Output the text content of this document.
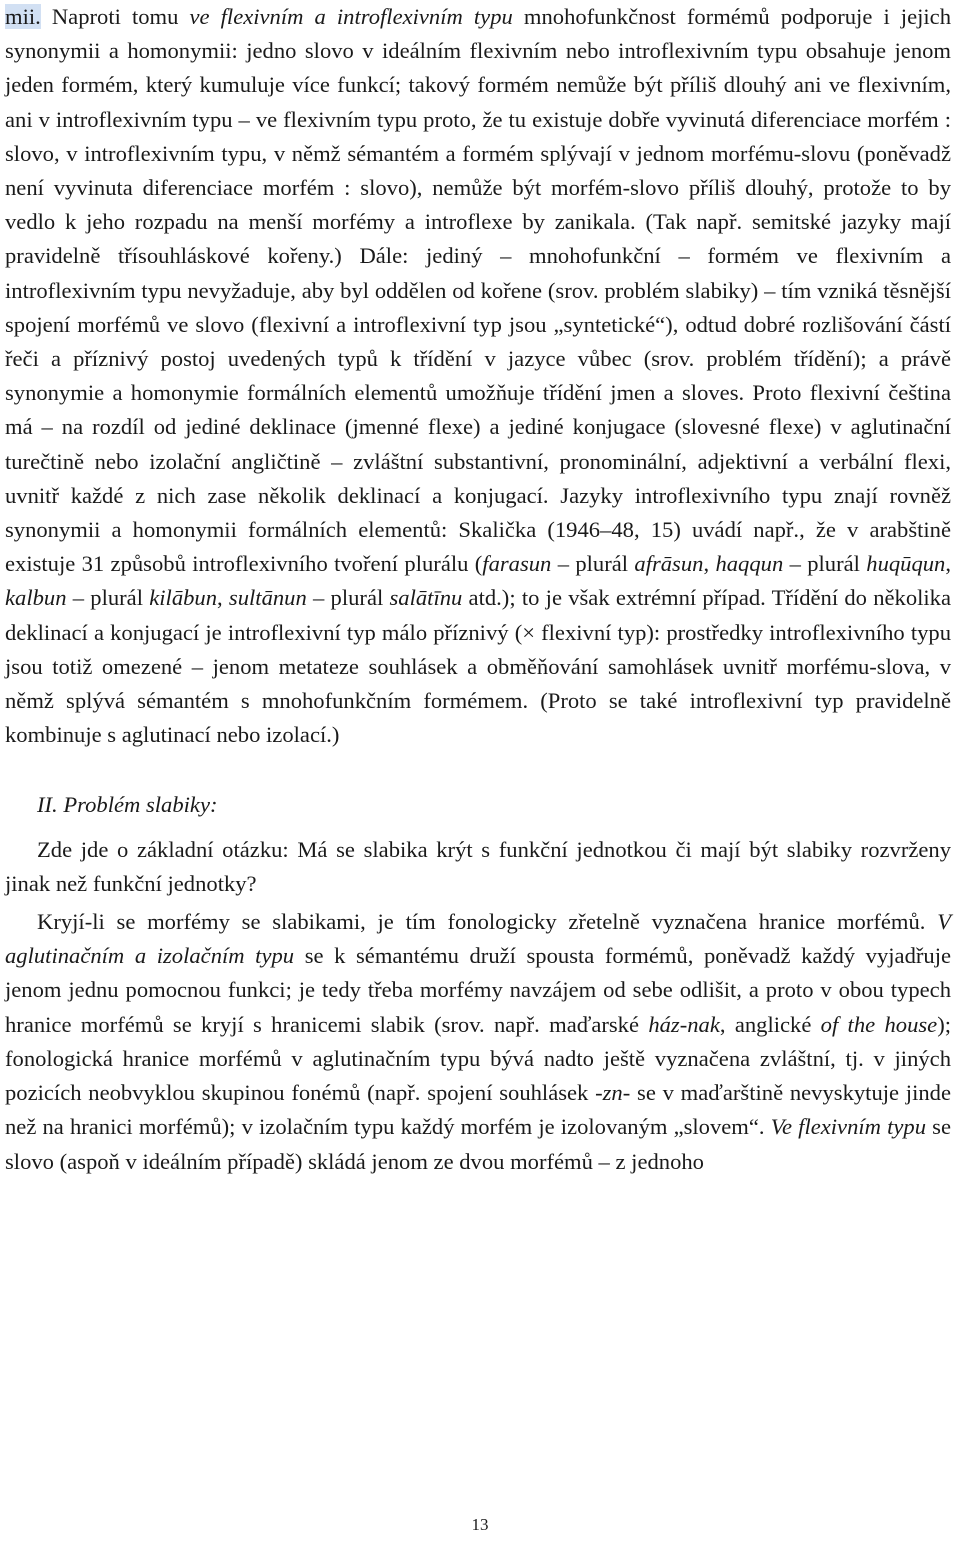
mii. Naproti tomu ve flexivním a introflexivním typu mnohofunkčnost formémů podporuje i jejich synonymii a homonymii: jedno slovo v ideálním flexivním nebo introflexivním typu obsahuje jenom jeden formém, který kumuluje více funkcí; takový formém nemůže být příliš dlouhý ani ve flexivním, ani v introflexivním typu – ve flexivním typu proto, že tu existuje dobře vyvinutá diferenciace morfém : slovo, v introflexivním typu, v němž sémantém a formém splývají v jednom morfému-slovu (poněvadž není vyvinuta diferenciace morfém : slovo), nemůže být morfém-slovo příliš dlouhý, protože to by vedlo k jeho rozpadu na menší morfémy a introflexe by zanikala. (Tak např. semitské jazyky mají pravidelně třísouhláskové kořeny.) Dále: jediný – mnohofunkční – formém ve flexivním a introflexivním typu nevyžaduje, aby byl oddělen od kořene (srov. problém slabiky) – tím vzniká těsnější spojení morfémů ve slovo (flexivní a introflexivní typ jsou „syntetické“), odtud dobré rozlišování částí řeči a příznivý postoj uvedených typů k třídění v jazyce vůbec (srov. problém třídění); a právě synonymie a homonymie formálních elementů umožňuje třídění jmen a sloves. Proto flexivní čeština má – na rozdíl od jediné deklinace (jmenné flexe) a jediné konjugace (slovesné flexe) v aglutinační turečtině nebo izolační angličtině – zvláštní substantivní, pronominální, adjektivní a verbální flexi, uvnitř každé z nich zase několik deklinací a konjugací. Jazyky introflexivního typu znají rovněž synonymii a homonymii formálních elementů: Skalička (1946–48, 15) uvádí např., že v arabštině existuje 31 způsobů introflexivního tvoření plurálu (farasun – plurál afrāsun, haqqun – plurál huqūqun, kalbun – plurál kilābun, sultānun – plurál salātīnu atd.); to je však extrémní případ. Třídění do několika deklinací a konjugací je introflexivní typ málo příznivý (× flexivní typ): prostředky introflexivního typu jsou totiž omezené – jenom metateze souhlásek a obměňování samohlásek uvnitř morfému-slova, v němž splývá sémantém s mnohofunkčním formémem. (Proto se také introflexivní typ pravidelně kombinuje s aglutinací nebo izolací.)

II. Problém slabiky:

Zde jde o základní otázku: Má se slabika krýt s funkční jednotkou či mají být slabiky rozvrženy jinak než funkční jednotky?

Kryjí-li se morfémy se slabikami, je tím fonologicky zřetelně vyznačena hranice morfémů. V aglutinačním a izolačním typu se k sémantému druží spousta formémů, poněvadž každý vyjadřuje jenom jednu pomocnou funkci; je tedy třeba morfémy navzájem od sebe odlišit, a proto v obou typech hranice morfémů se kryjí s hranicemi slabik (srov. např. maďarské ház-nak, anglické of the house); fonologická hranice morfémů v aglutinačním typu bývá nadto ještě vyznačena zvláštní, tj. v jiných pozicích neobvyklou skupinou fonémů (např. spojení souhlásek -zn- se v maďarštině nevyskytuje jinde než na hranici morfémů); v izolačním typu každý morfém je izolovaným „slovem“. Ve flexivním typu se slovo (aspoň v ideálním případě) skládá jenom ze dvou morfémů – z jednoho

13
